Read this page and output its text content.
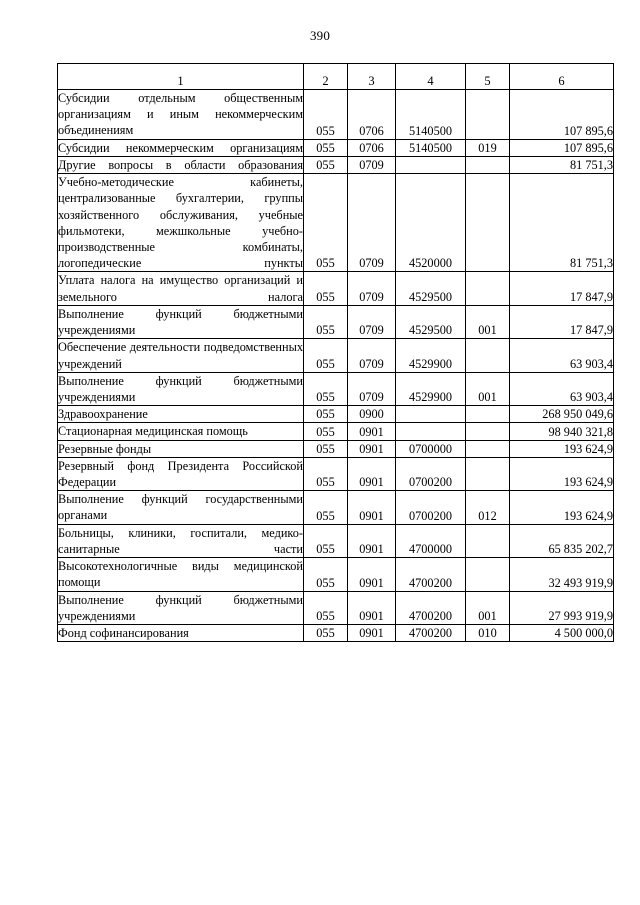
390
1	2	3	4	5	6
Субсидии отдельным общественным организациям и иным некоммерческим объединениям	055	0706	5140500		107 895,6
Субсидии некоммерческим организациям	055	0706	5140500	019	107 895,6
Другие вопросы в области образования	055	0709			81 751,3
Учебно-методические кабинеты, централизованные бухгалтерии, группы хозяйственного обслуживания, учебные фильмотеки, межшкольные учебно-производственные комбинаты, логопедические пункты	055	0709	4520000		81 751,3
Уплата налога на имущество организаций и земельного налога	055	0709	4529500		17 847,9
Выполнение функций бюджетными учреждениями	055	0709	4529500	001	17 847,9
Обеспечение деятельности подведомственных учреждений	055	0709	4529900		63 903,4
Выполнение функций бюджетными учреждениями	055	0709	4529900	001	63 903,4
Здравоохранение	055	0900			268 950 049,6
Стационарная медицинская помощь	055	0901			98 940 321,8
Резервные фонды	055	0901	0700000		193 624,9
Резервный фонд Президента Российской Федерации	055	0901	0700200		193 624,9
Выполнение функций государственными органами	055	0901	0700200	012	193 624,9
Больницы, клиники, госпитали, медико-санитарные части	055	0901	4700000		65 835 202,7
Высокотехнологичные виды медицинской помощи	055	0901	4700200		32 493 919,9
Выполнение функций бюджетными учреждениями	055	0901	4700200	001	27 993 919,9
Фонд софинансирования	055	0901	4700200	010	4 500 000,0
